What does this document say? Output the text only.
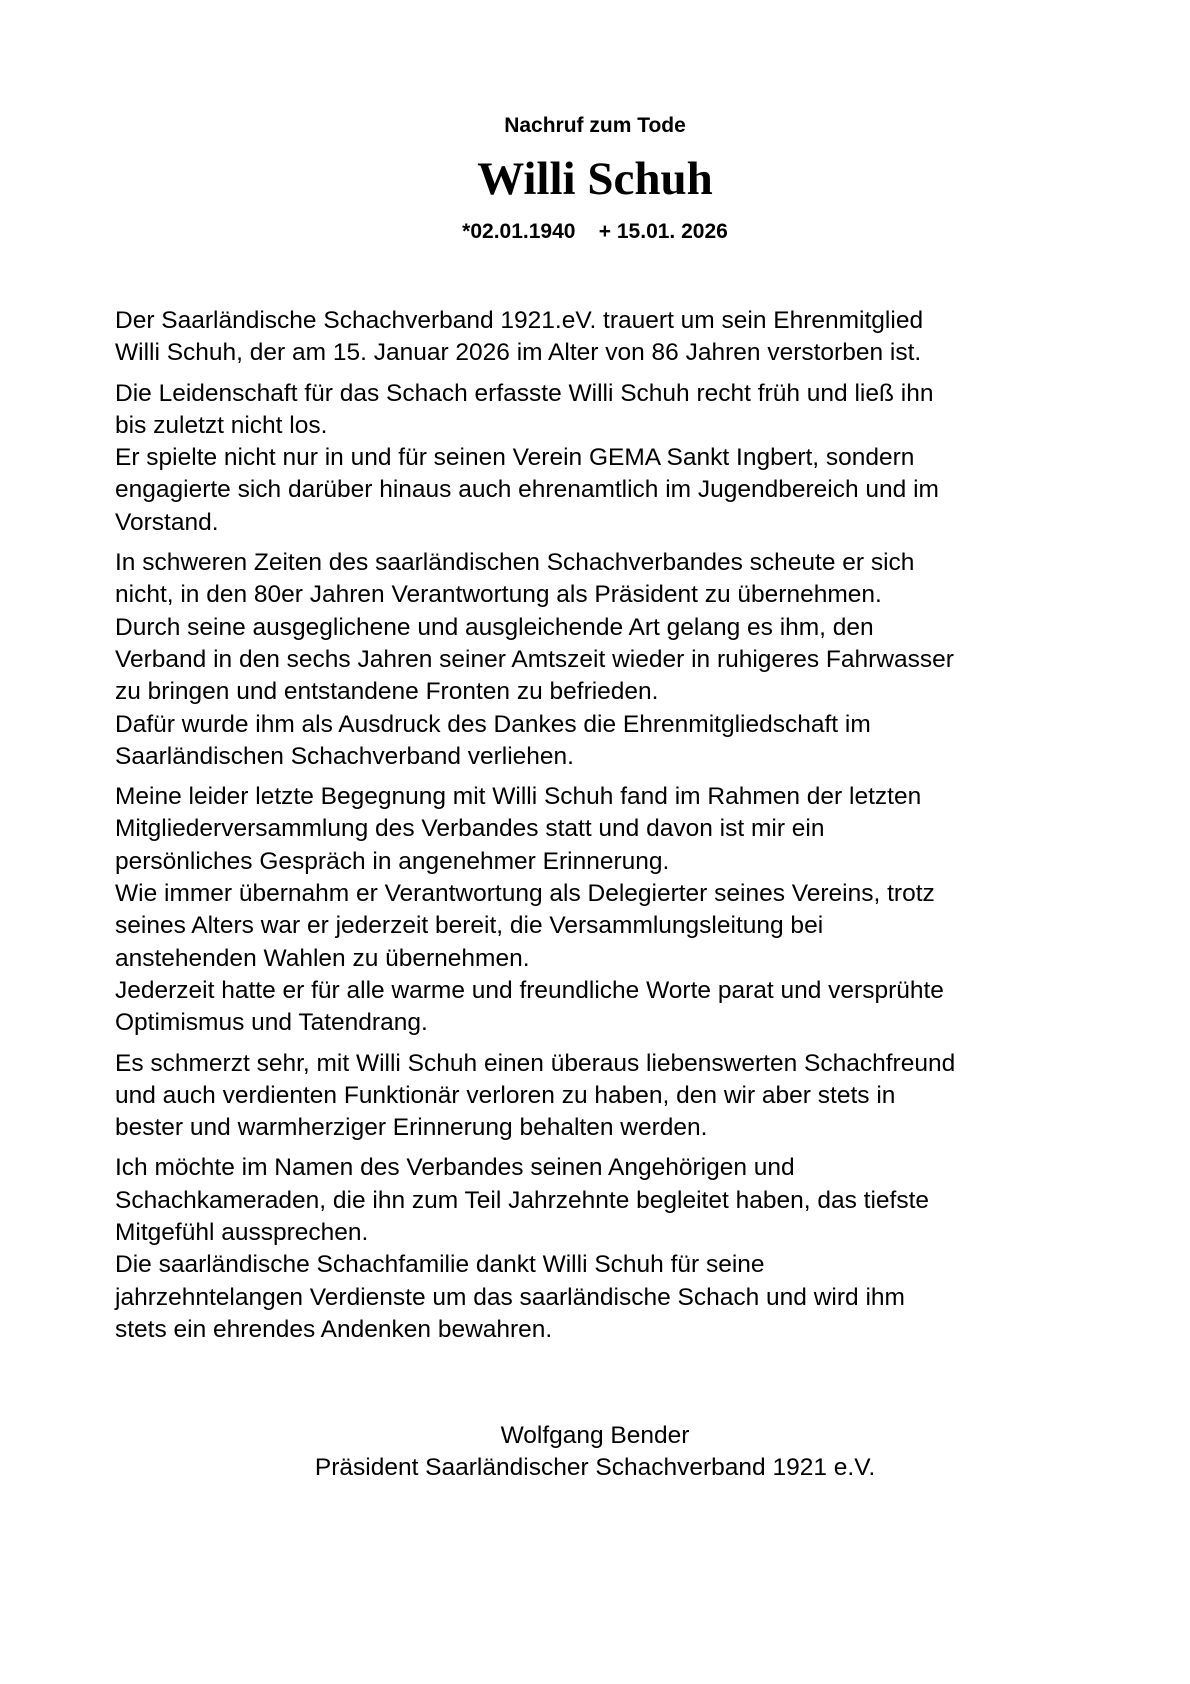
Nachruf zum Tode
Willi Schuh
*02.01.1940    + 15.01. 2026

Der Saarländische Schachverband 1921.eV. trauert um sein Ehrenmitglied
Willi Schuh, der am 15. Januar 2026 im Alter von 86 Jahren verstorben ist.

Die Leidenschaft für das Schach erfasste Willi Schuh recht früh und ließ ihn
bis zuletzt nicht los.
Er spielte nicht nur in und für seinen Verein GEMA Sankt Ingbert, sondern
engagierte sich darüber hinaus auch ehrenamtlich im Jugendbereich und im
Vorstand.

In schweren Zeiten des saarländischen Schachverbandes scheute er sich
nicht, in den 80er Jahren Verantwortung als Präsident zu übernehmen.
Durch seine ausgeglichene und ausgleichende Art gelang es ihm, den
Verband in den sechs Jahren seiner Amtszeit wieder in ruhigeres Fahrwasser
zu bringen und entstandene Fronten zu befrieden.
Dafür wurde ihm als Ausdruck des Dankes die Ehrenmitgliedschaft im
Saarländischen Schachverband verliehen.

Meine leider letzte Begegnung mit Willi Schuh fand im Rahmen der letzten
Mitgliederversammlung des Verbandes statt und davon ist mir ein
persönliches Gespräch in angenehmer Erinnerung.
Wie immer übernahm er Verantwortung als Delegierter seines Vereins, trotz
seines Alters war er jederzeit bereit, die Versammlungsleitung bei
anstehenden Wahlen zu übernehmen.
Jederzeit hatte er für alle warme und freundliche Worte parat und versprühte
Optimismus und Tatendrang.

Es schmerzt sehr, mit Willi Schuh einen überaus liebenswerten Schachfreund
und auch verdienten Funktionär verloren zu haben, den wir aber stets in
bester und warmherziger Erinnerung behalten werden.

Ich möchte im Namen des Verbandes seinen Angehörigen und
Schachkameraden, die ihn zum Teil Jahrzehnte begleitet haben, das tiefste
Mitgefühl aussprechen.
Die saarländische Schachfamilie dankt Willi Schuh für seine
jahrzehntelangen Verdienste um das saarländische Schach und wird ihm
stets ein ehrendes Andenken bewahren.

Wolfgang Bender
Präsident Saarländischer Schachverband 1921 e.V.
